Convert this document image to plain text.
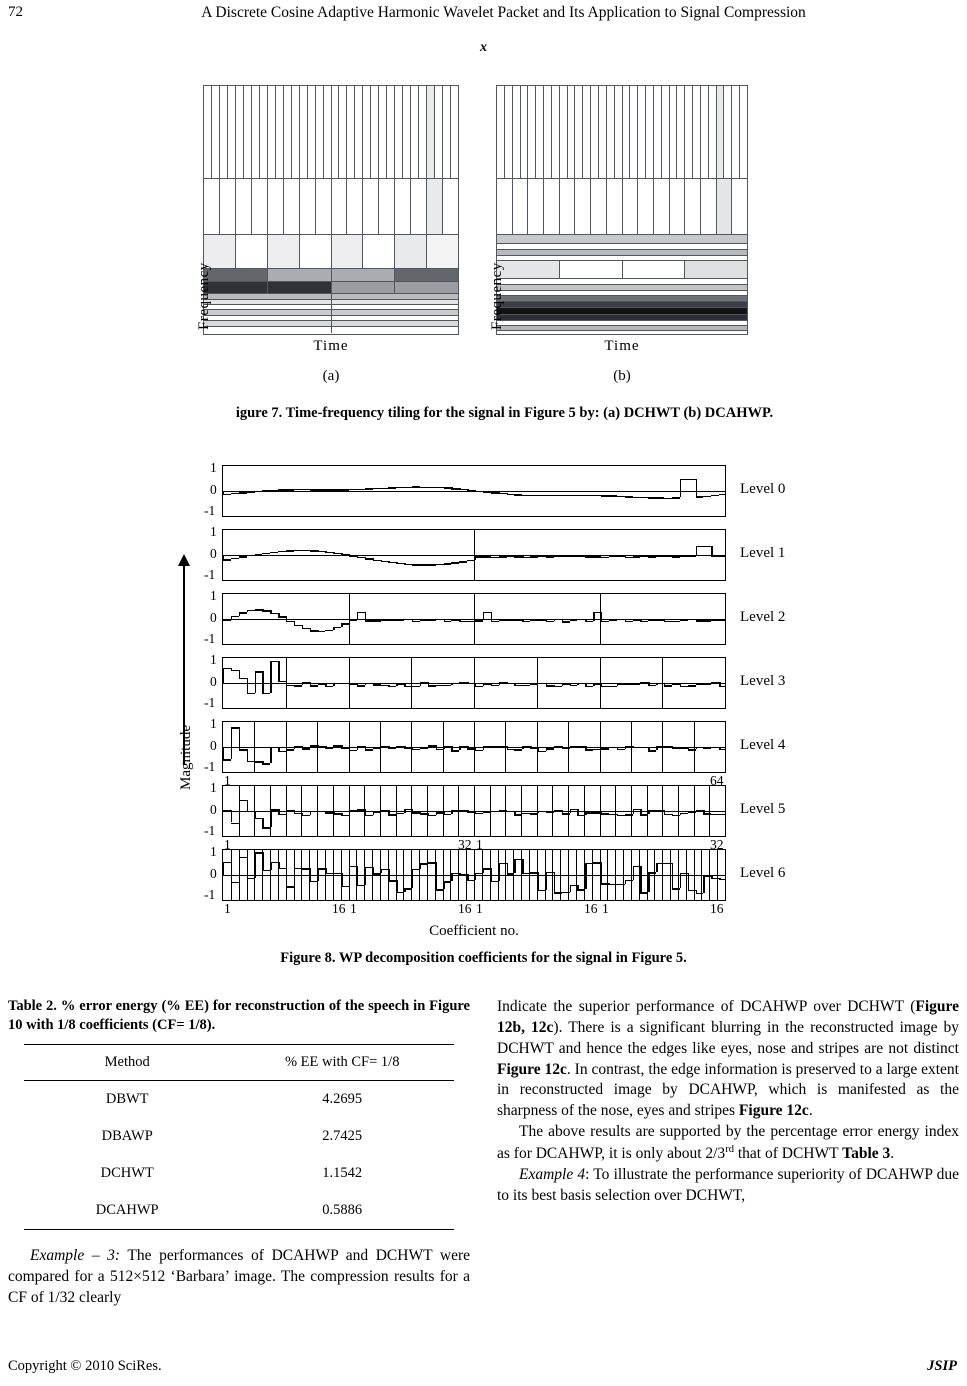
72	A Discrete Cosine Adaptive Harmonic Wavelet Packet and Its Application to Signal Compression
x
Frequency
Time
(a)
Frequency
Time
(b)
igure 7. Time-frequency tiling for the signal in Figure 5 by: (a) DCHWT (b) DCAHWP.
1
0
-1
Level 0
1
0
-1
Level 1
1
0
-1
Level 2
1
0
-1
Level 3
1
0
-1
Level 4
1
0
-1
Level 5
1
0
-1
Level 6
1	64
1	32 1	32
1	16 1	16 1	16 1	16
Coefficient no.
Magnitude
Figure 8. WP decomposition coefficients for the signal in Figure 5.

Table 2. % error energy (% EE) for reconstruction of the speech in Figure 10 with 1/8 coefficients (CF= 1/8).

Method	% EE with CF= 1/8
DBWT	4.2695
DBAWP	2.7425
DCHWT	1.1542
DCAHWP	0.5886

Example – 3: The performances of DCAHWP and DCHWT were compared for a 512×512 ‘Barbara’ image. The compression results for a CF of 1/32 clearly

Indicate the superior performance of DCAHWP over DCHWT (Figure 12b, 12c). There is a significant blurring in the reconstructed image by DCHWT and hence the edges like eyes, nose and stripes are not distinct Figure 12c. In contrast, the edge information is preserved to a large extent in reconstructed image by DCAHWP, which is manifested as the sharpness of the nose, eyes and stripes Figure 12c.

The above results are supported by the percentage error energy index as for DCAHWP, it is only about 2/3rd that of DCHWT Table 3.

Example 4: To illustrate the performance superiority of DCAHWP due to its best basis selection over DCHWT,

Copyright © 2010 SciRes.	JSIP
